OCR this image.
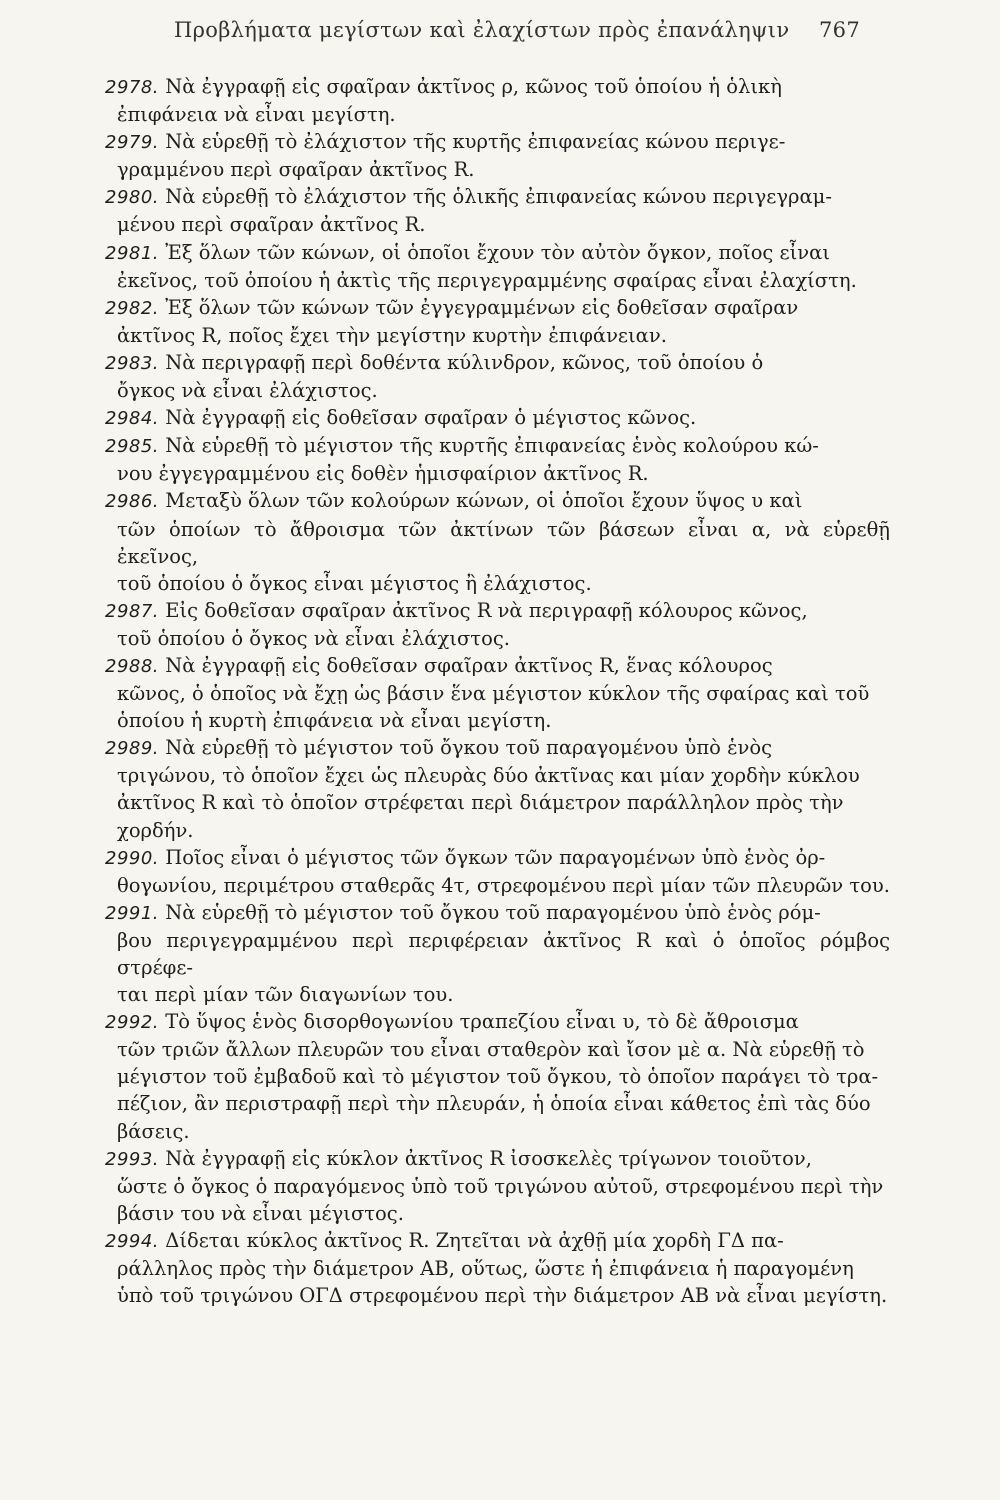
Προβλήματα μεγίστων καὶ ἐλαχίστων πρὸς ἐπανάληψιν 767
2978. Νὰ ἐγγραφῇ εἰς σφαῖραν ἀκτῖνος ρ, κῶνος τοῦ ὁποίου ἡ ὁλικὴ
ἐπιφάνεια νὰ εἶναι μεγίστη.
2979. Νὰ εὑρεθῇ τὸ ἐλάχιστον τῆς κυρτῆς ἐπιφανείας κώνου περιγε-
γραμμένου περὶ σφαῖραν ἀκτῖνος R.
2980. Νὰ εὑρεθῇ τὸ ἐλάχιστον τῆς ὁλικῆς ἐπιφανείας κώνου περιγεγραμ-
μένου περὶ σφαῖραν ἀκτῖνος R.
2981. Ἐξ ὅλων τῶν κώνων, οἱ ὁποῖοι ἔχουν τὸν αὐτὸν ὄγκον, ποῖος εἶναι
ἐκεῖνος, τοῦ ὁποίου ἡ ἀκτὶς τῆς περιγεγραμμένης σφαίρας εἶναι ἐλαχίστη.
2982. Ἐξ ὅλων τῶν κώνων τῶν ἐγγεγραμμένων εἰς δοθεῖσαν σφαῖραν
ἀκτῖνος R, ποῖος ἔχει τὴν μεγίστην κυρτὴν ἐπιφάνειαν.
2983. Νὰ περιγραφῇ περὶ δοθέντα κύλινδρον, κῶνος, τοῦ ὁποίου ὁ
ὄγκος νὰ εἶναι ἐλάχιστος.
2984. Νὰ ἐγγραφῇ εἰς δοθεῖσαν σφαῖραν ὁ μέγιστος κῶνος.
2985. Νὰ εὑρεθῇ τὸ μέγιστον τῆς κυρτῆς ἐπιφανείας ἑνὸς κολούρου κώ-
νου ἐγγεγραμμένου εἰς δοθὲν ἡμισφαίριον ἀκτῖνος R.
2986. Μεταξὺ ὅλων τῶν κολούρων κώνων, οἱ ὁποῖοι ἔχουν ὕψος υ καὶ
τῶν ὁποίων τὸ ἄθροισμα τῶν ἀκτίνων τῶν βάσεων εἶναι α, νὰ εὑρεθῇ ἐκεῖνος,
τοῦ ὁποίου ὁ ὄγκος εἶναι μέγιστος ἢ ἐλάχιστος.
2987. Εἰς δοθεῖσαν σφαῖραν ἀκτῖνος R νὰ περιγραφῇ κόλουρος κῶνος,
τοῦ ὁποίου ὁ ὄγκος νὰ εἶναι ἐλάχιστος.
2988. Νὰ ἐγγραφῇ εἰς δοθεῖσαν σφαῖραν ἀκτῖνος R, ἕνας κόλουρος
κῶνος, ὁ ὁποῖος νὰ ἔχῃ ὡς βάσιν ἕνα μέγιστον κύκλον τῆς σφαίρας καὶ τοῦ
ὁποίου ἡ κυρτὴ ἐπιφάνεια νὰ εἶναι μεγίστη.
2989. Νὰ εὑρεθῇ τὸ μέγιστον τοῦ ὄγκου τοῦ παραγομένου ὑπὸ ἑνὸς
τριγώνου, τὸ ὁποῖον ἔχει ὡς πλευρὰς δύο ἀκτῖνας και μίαν χορδὴν κύκλου
ἀκτῖνος R καὶ τὸ ὁποῖον στρέφεται περὶ διάμετρον παράλληλον πρὸς τὴν
χορδήν.
2990. Ποῖος εἶναι ὁ μέγιστος τῶν ὄγκων τῶν παραγομένων ὑπὸ ἑνὸς ὀρ-
θογωνίου, περιμέτρου σταθερᾶς 4τ, στρεφομένου περὶ μίαν τῶν πλευρῶν του.
2991. Νὰ εὑρεθῇ τὸ μέγιστον τοῦ ὄγκου τοῦ παραγομένου ὑπὸ ἑνὸς ρόμ-
βου περιγεγραμμένου περὶ περιφέρειαν ἀκτῖνος R καὶ ὁ ὁποῖος ρόμβος στρέφε-
ται περὶ μίαν τῶν διαγωνίων του.
2992. Τὸ ὕψος ἑνὸς δισορθογωνίου τραπεζίου εἶναι υ, τὸ δὲ ἄθροισμα
τῶν τριῶν ἄλλων πλευρῶν του εἶναι σταθερὸν καὶ ἴσον μὲ α. Νὰ εὑρεθῇ τὸ
μέγιστον τοῦ ἐμβαδοῦ καὶ τὸ μέγιστον τοῦ ὄγκου, τὸ ὁποῖον παράγει τὸ τρα-
πέζιον, ἂν περιστραφῇ περὶ τὴν πλευράν, ἡ ὁποία εἶναι κάθετος ἐπὶ τὰς δύο
βάσεις.
2993. Νὰ ἐγγραφῇ εἰς κύκλον ἀκτῖνος R ἰσοσκελὲς τρίγωνον τοιοῦτον,
ὥστε ὁ ὄγκος ὁ παραγόμενος ὑπὸ τοῦ τριγώνου αὐτοῦ, στρεφομένου περὶ τὴν
βάσιν του νὰ εἶναι μέγιστος.
2994. Δίδεται κύκλος ἀκτῖνος R. Ζητεῖται νὰ ἀχθῇ μία χορδὴ ΓΔ πα-
ράλληλος πρὸς τὴν διάμετρον ΑΒ, οὕτως, ὥστε ἡ ἐπιφάνεια ἡ παραγομένη
ὑπὸ τοῦ τριγώνου ΟΓΔ στρεφομένου περὶ τὴν διάμετρον ΑΒ νὰ εἶναι μεγίστη.
